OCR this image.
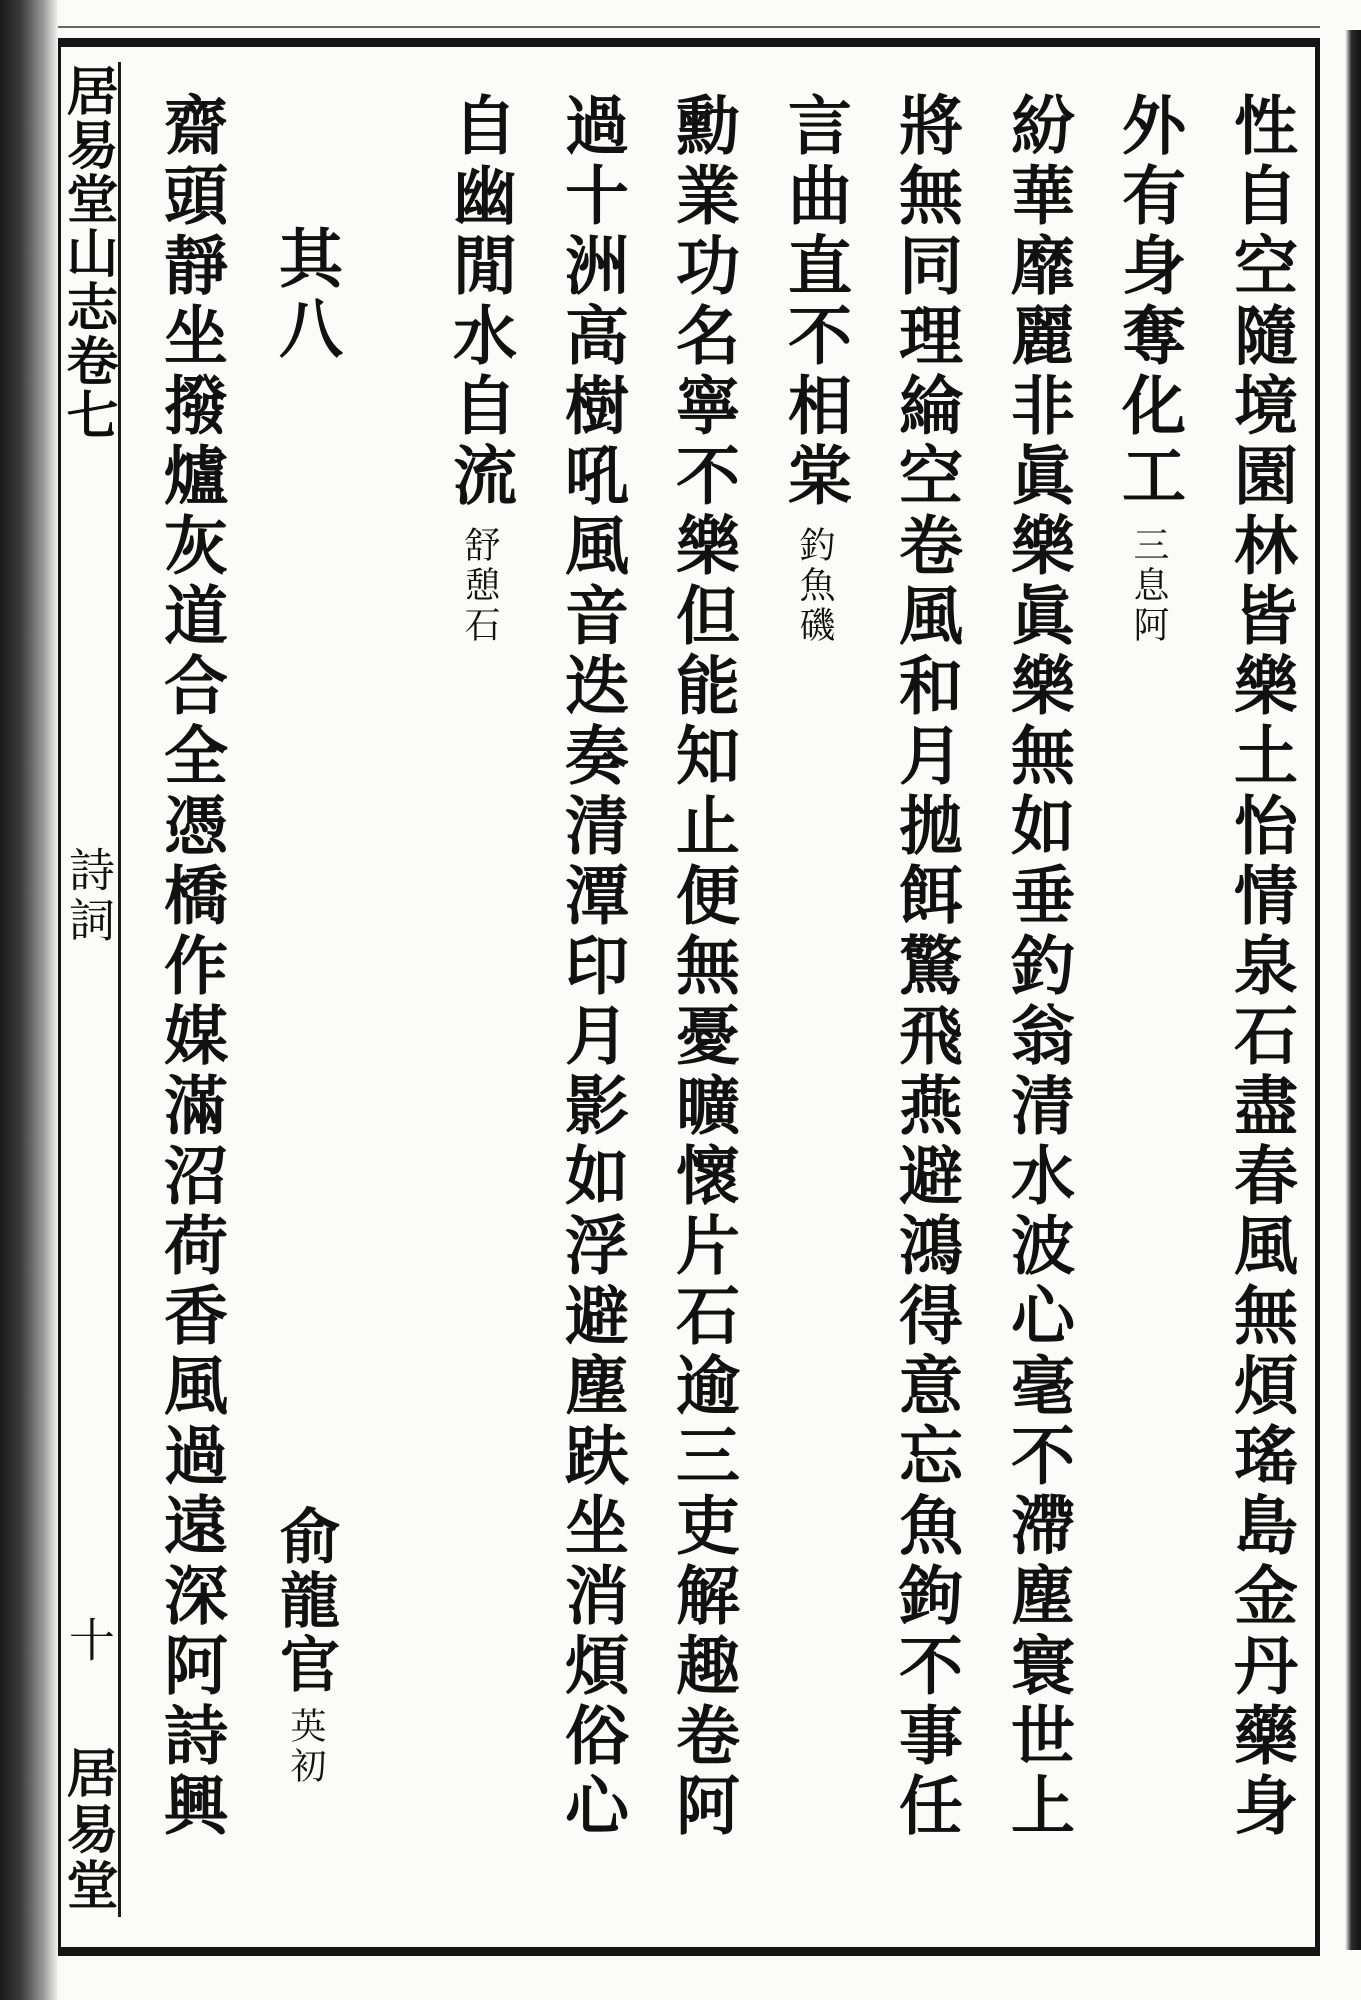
居易堂山志卷七
詩詞
十
居易堂	性自空隨境園林皆樂土怡情泉石盡春風無煩瑤島金丹藥身
外有身奪化工三息阿
紛華靡麗非眞樂眞樂無如垂釣翁清水波心毫不滯塵寰世上
將無同理綸空卷風和月拋餌驚飛燕避鴻得意忘魚鉤不事任
言曲直不相棠釣魚磯
勳業功名寧不樂但能知止便無憂曠懷片石逾三吏解趣卷阿
過十洲高樹吼風音迭奏清潭印月影如浮避塵趺坐消煩俗心
自幽閒水自流舒憩石
其八
俞龍官英初
齋頭靜坐撥爐灰道合全憑橋作媒滿沼荷香風過遠深阿詩興
